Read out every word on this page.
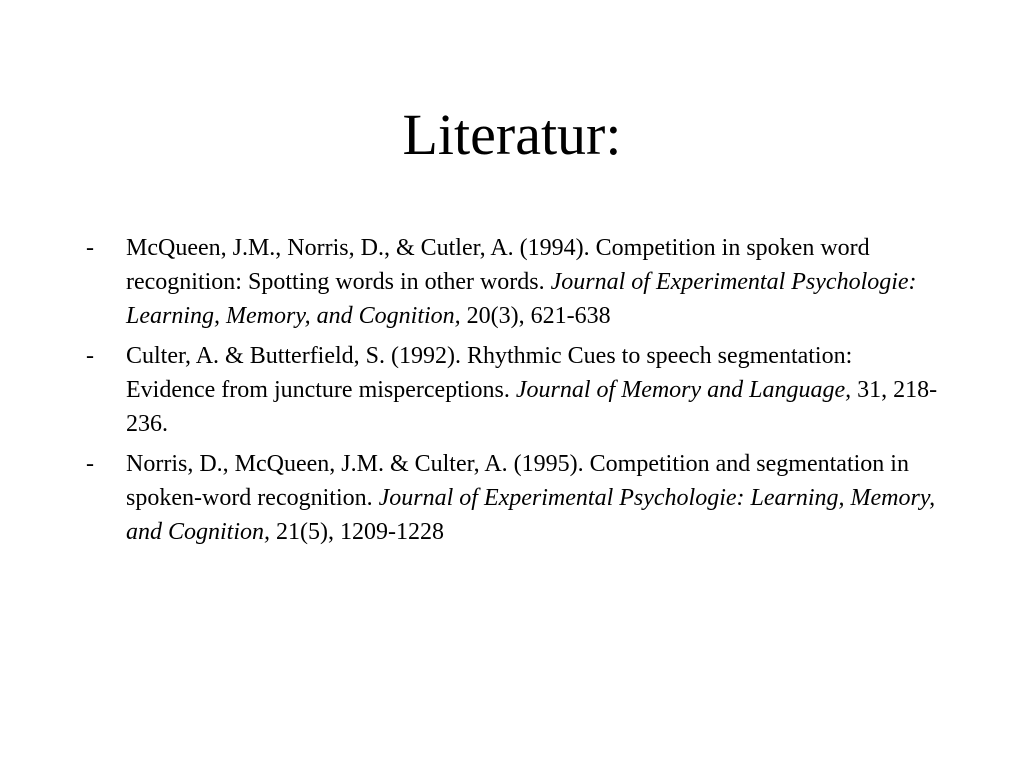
Literatur:
- McQueen, J.M., Norris, D., & Cutler, A. (1994). Competition in spoken word recognition: Spotting words in other words. Journal of Experimental Psychologie: Learning, Memory, and Cognition, 20(3), 621-638
- Culter, A. & Butterfield, S. (1992). Rhythmic Cues to speech segmentation: Evidence from juncture misperceptions. Journal of Memory and Language, 31, 218-236.
- Norris, D., McQueen, J.M. & Culter, A. (1995). Competition and segmentation in spoken-word recognition. Journal of Experimental Psychologie: Learning, Memory, and Cognition, 21(5), 1209-1228
